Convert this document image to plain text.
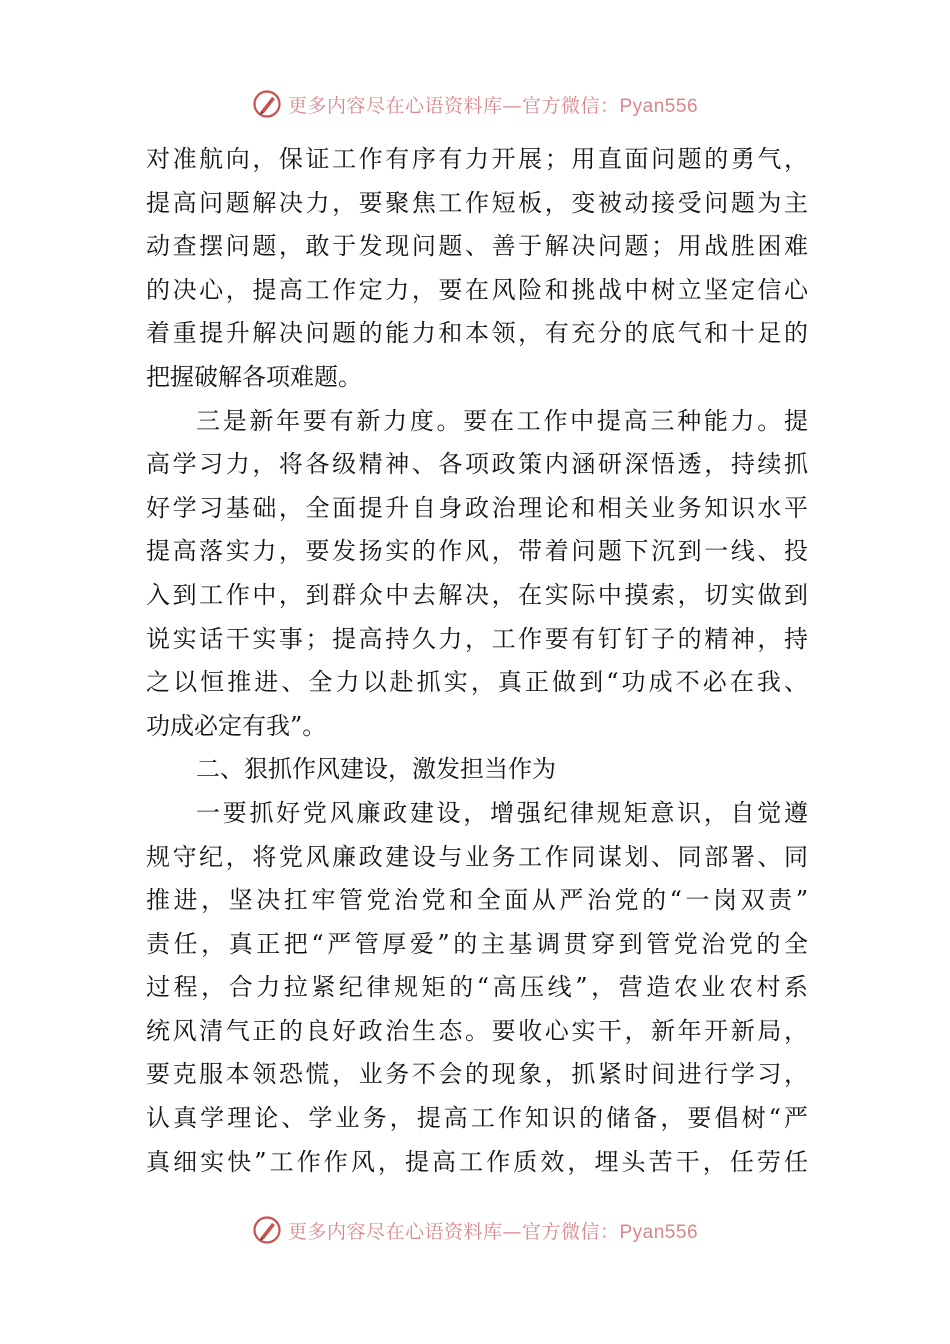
更多内容尽在心语资料库—官方微信：Pyan556
对准航向，保证工作有序有力开展；用直面问题的勇气，
提高问题解决力，要聚焦工作短板，变被动接受问题为主
动查摆问题，敢于发现问题、善于解决问题；用战胜困难
的决心，提高工作定力，要在风险和挑战中树立坚定信心
着重提升解决问题的能力和本领，有充分的底气和十足的
把握破解各项难题。
三是新年要有新力度。要在工作中提高三种能力。提
高学习力，将各级精神、各项政策内涵研深悟透，持续抓
好学习基础，全面提升自身政治理论和相关业务知识水平
提高落实力，要发扬实的作风，带着问题下沉到一线、投
入到工作中，到群众中去解决，在实际中摸索，切实做到
说实话干实事；提高持久力，工作要有钉钉子的精神，持
之以恒推进、全力以赴抓实，真正做到“功成不必在我、
功成必定有我”。
二、狠抓作风建设，激发担当作为
一要抓好党风廉政建设，增强纪律规矩意识，自觉遵
规守纪，将党风廉政建设与业务工作同谋划、同部署、同
推进，坚决扛牢管党治党和全面从严治党的“一岗双责”
责任，真正把“严管厚爱”的主基调贯穿到管党治党的全
过程，合力拉紧纪律规矩的“高压线”，营造农业农村系
统风清气正的良好政治生态。要收心实干，新年开新局，
要克服本领恐慌，业务不会的现象，抓紧时间进行学习，
认真学理论、学业务，提高工作知识的储备，要倡树“严
真细实快”工作作风，提高工作质效，埋头苦干，任劳任
更多内容尽在心语资料库—官方微信：Pyan556
